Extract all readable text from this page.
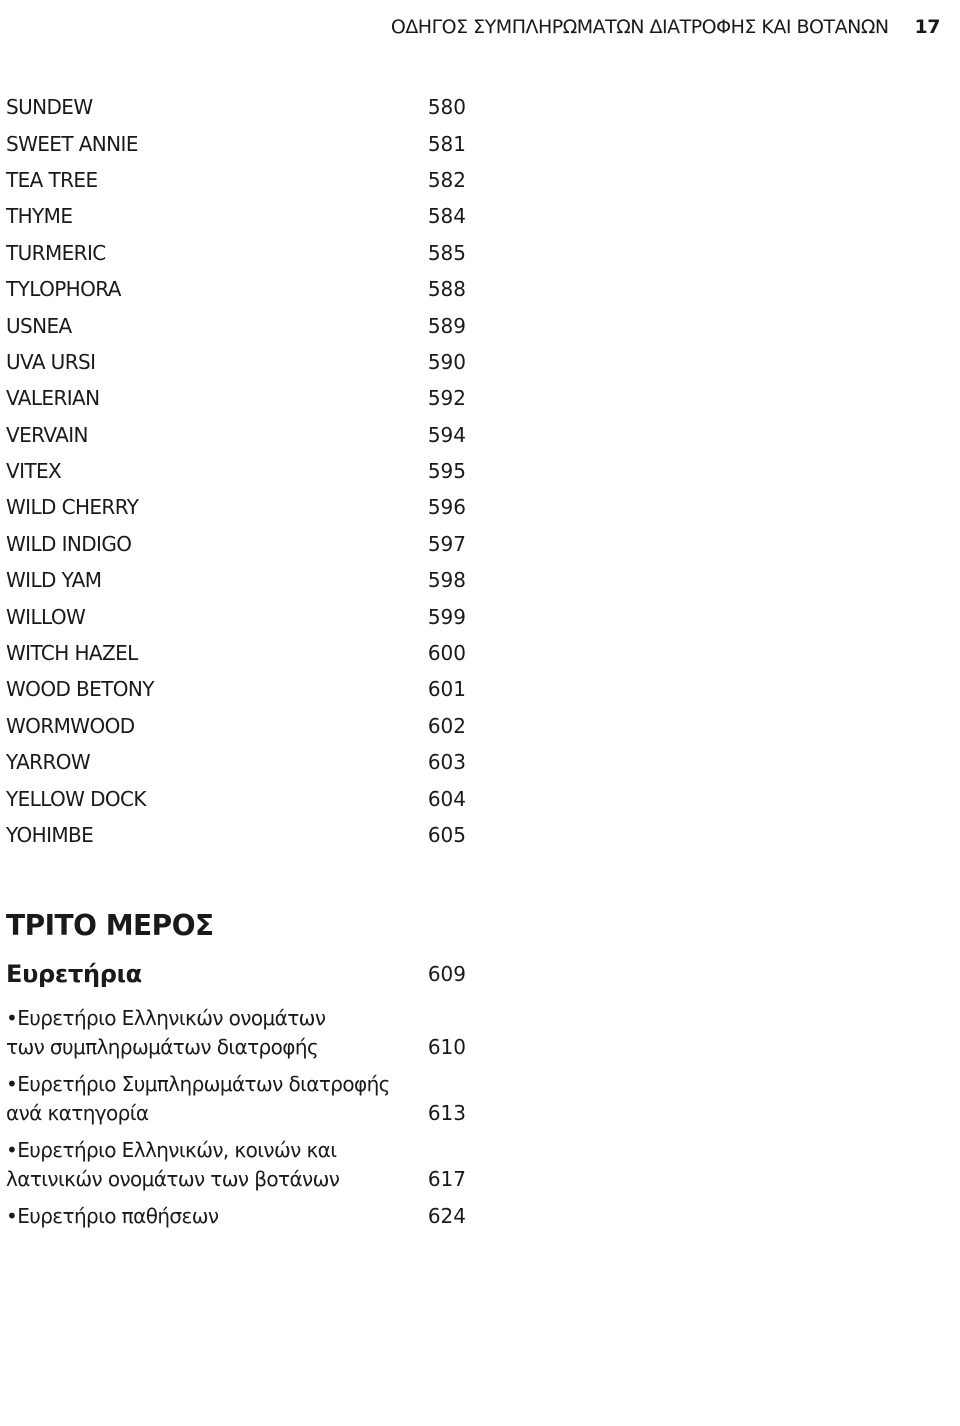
ΟΔΗΓΟΣ ΣΥΜΠΛΗΡΩΜΑΤΩΝ ΔΙΑΤΡΟΦΗΣ ΚΑΙ ΒΟΤΑΝΩΝ 17
SUNDEW	580
SWEET ANNIE	581
TEA TREE	582
THYME	584
TURMERIC	585
TYLOPHORA	588
USNEA	589
UVA URSI	590
VALERIAN	592
VERVAIN	594
VITEX	595
WILD CHERRY	596
WILD INDIGO	597
WILD YAM	598
WILLOW	599
WITCH HAZEL	600
WOOD BETONY	601
WORMWOOD	602
YARROW	603
YELLOW DOCK	604
YOHIMBE	605
ΤΡΙΤΟ ΜΕΡΟΣ
Ευρετήρια	609
•Ευρετήριο Ελληνικών ονομάτων
των συμπληρωμάτων διατροφής	610
•Ευρετήριο Συμπληρωμάτων διατροφής
ανά κατηγορία	613
•Ευρετήριο Ελληνικών, κοινών και
λατινικών ονομάτων των βοτάνων	617
•Ευρετήριο παθήσεων	624
